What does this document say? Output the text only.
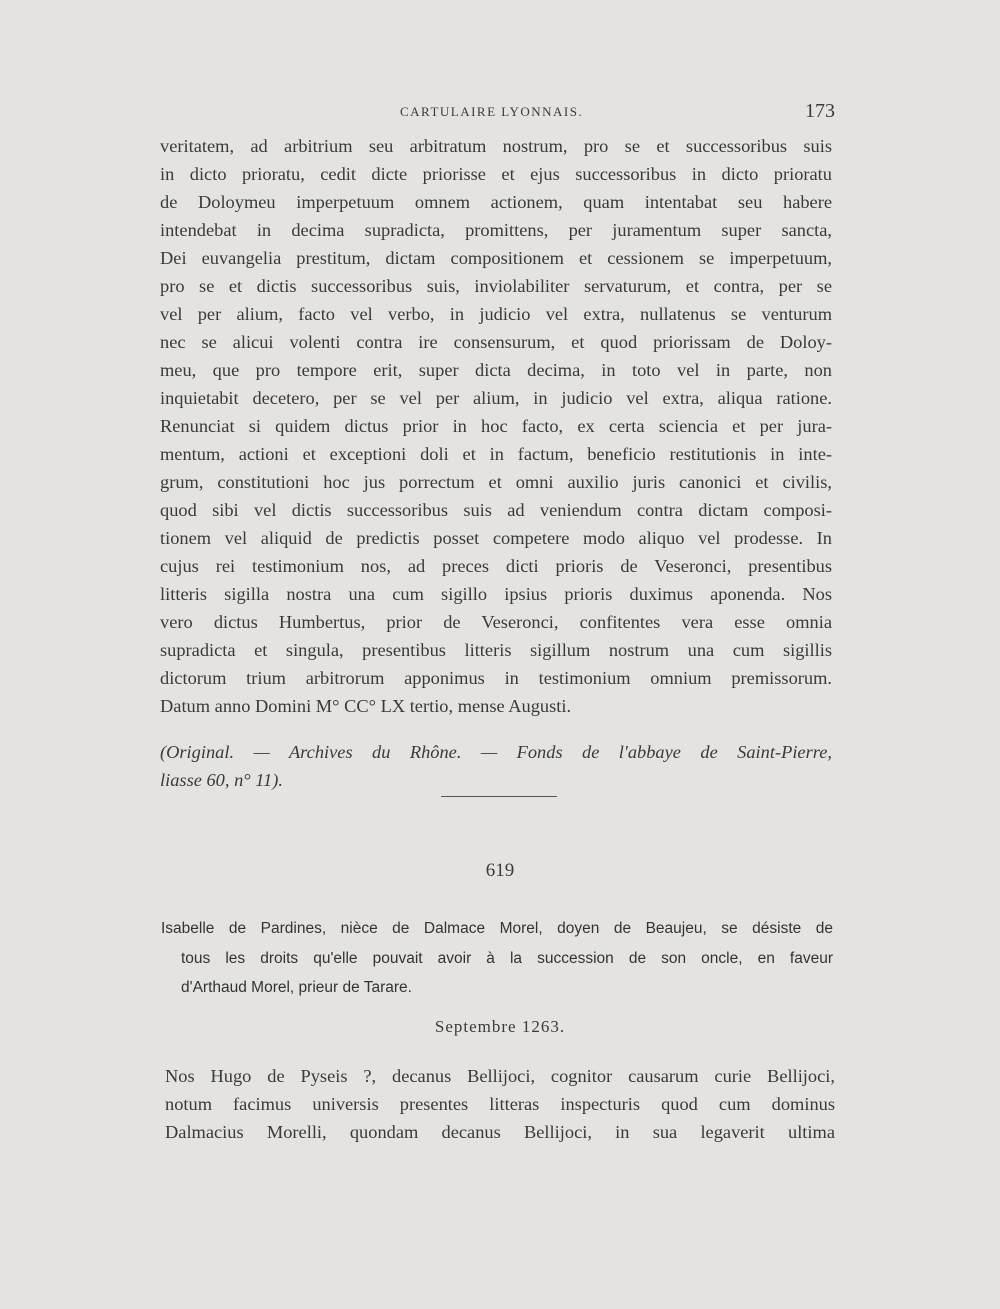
CARTULAIRE LYONNAIS.	173
veritatem, ad arbitrium seu arbitratum nostrum, pro se et successoribus suis
in dicto prioratu, cedit dicte priorisse et ejus successoribus in dicto prioratu
de Doloymeu imperpetuum omnem actionem, quam intentabat seu habere
intendebat in decima supradicta, promittens, per juramentum super sancta,
Dei euvangelia prestitum, dictam compositionem et cessionem se imperpetuum,
pro se et dictis successoribus suis, inviolabiliter servaturum, et contra, per se
vel per alium, facto vel verbo, in judicio vel extra, nullatenus se venturum
nec se alicui volenti contra ire consensurum, et quod priorissam de Doloy-
meu, que pro tempore erit, super dicta decima, in toto vel in parte, non
inquietabit decetero, per se vel per alium, in judicio vel extra, aliqua ratione.
Renunciat si quidem dictus prior in hoc facto, ex certa sciencia et per jura-
mentum, actioni et exceptioni doli et in factum, beneficio restitutionis in inte-
grum, constitutioni hoc jus porrectum et omni auxilio juris canonici et civilis,
quod sibi vel dictis successoribus suis ad veniendum contra dictam composi-
tionem vel aliquid de predictis posset competere modo aliquo vel prodesse. In
cujus rei testimonium nos, ad preces dicti prioris de Veseronci, presentibus
litteris sigilla nostra una cum sigillo ipsius prioris duximus aponenda. Nos
vero dictus Humbertus, prior de Veseronci, confitentes vera esse omnia
supradicta et singula, presentibus litteris sigillum nostrum una cum sigillis
dictorum trium arbitrorum apponimus in testimonium omnium premissorum.
Datum anno Domini M° CC° LX tertio, mense Augusti.
(Original. — Archives du Rhône. — Fonds de l'abbaye de Saint-Pierre,
liasse 60, n° 11).
619
Isabelle de Pardines, nièce de Dalmace Morel, doyen de Beaujeu, se désiste de
tous les droits qu'elle pouvait avoir à la succession de son oncle, en faveur
d'Arthaud Morel, prieur de Tarare.
Septembre 1263.
Nos Hugo de Pyseis ?, decanus Bellijoci, cognitor causarum curie Bellijoci,
notum facimus universis presentes litteras inspecturis quod cum dominus
Dalmacius Morelli, quondam decanus Bellijoci, in sua legaverit ultima
